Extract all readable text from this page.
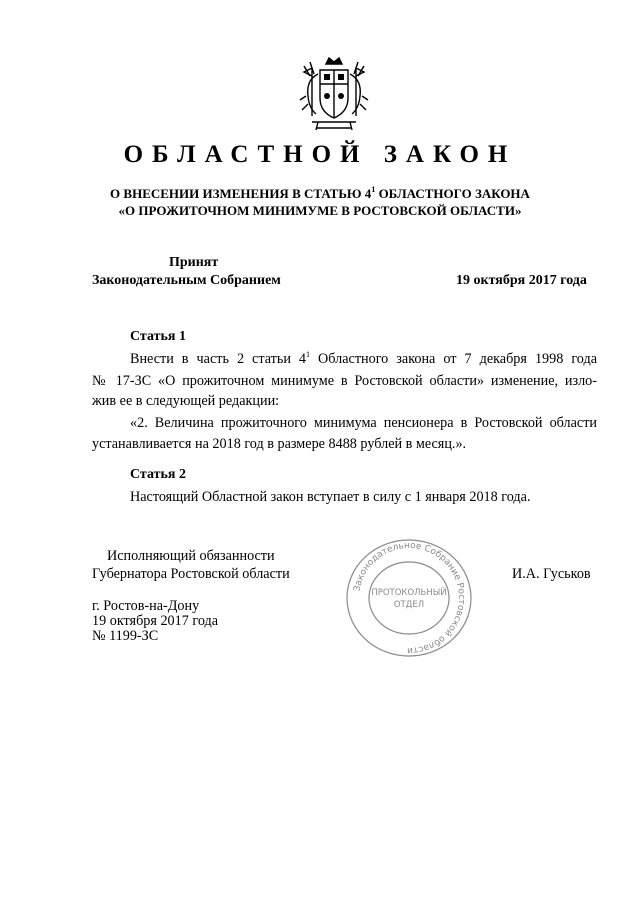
ОБЛАСТНОЙ ЗАКОН
О ВНЕСЕНИИ ИЗМЕНЕНИЯ В СТАТЬЮ $4^1$ ОБЛАСТНОГО ЗАКОНА
«О ПРОЖИТОЧНОМ МИНИМУМЕ В РОСТОВСКОЙ ОБЛАСТИ»
Принят
Законодательным Собранием	19 октября 2017 года
Статья 1
Внести в часть 2 статьи $4^1$ Областного закона от 7 декабря 1998 года
№ 17-ЗС «О прожиточном минимуме в Ростовской области» изменение, изло-
жив ее в следующей редакции:
«2. Величина прожиточного минимума пенсионера в Ростовской области
устанавливается на 2018 год в размере 8488 рублей в месяц.».
Статья 2
Настоящий Областной закон вступает в силу с 1 января 2018 года.
Исполняющий обязанности
Губернатора Ростовской области	И.А. Гуськов
г. Ростов-на-Дону
19 октября 2017 года
№ 1199-ЗС
Законодательное Собрание Ростовской области
ПРОТОКОЛЬНЫЙ
ОТДЕЛ
